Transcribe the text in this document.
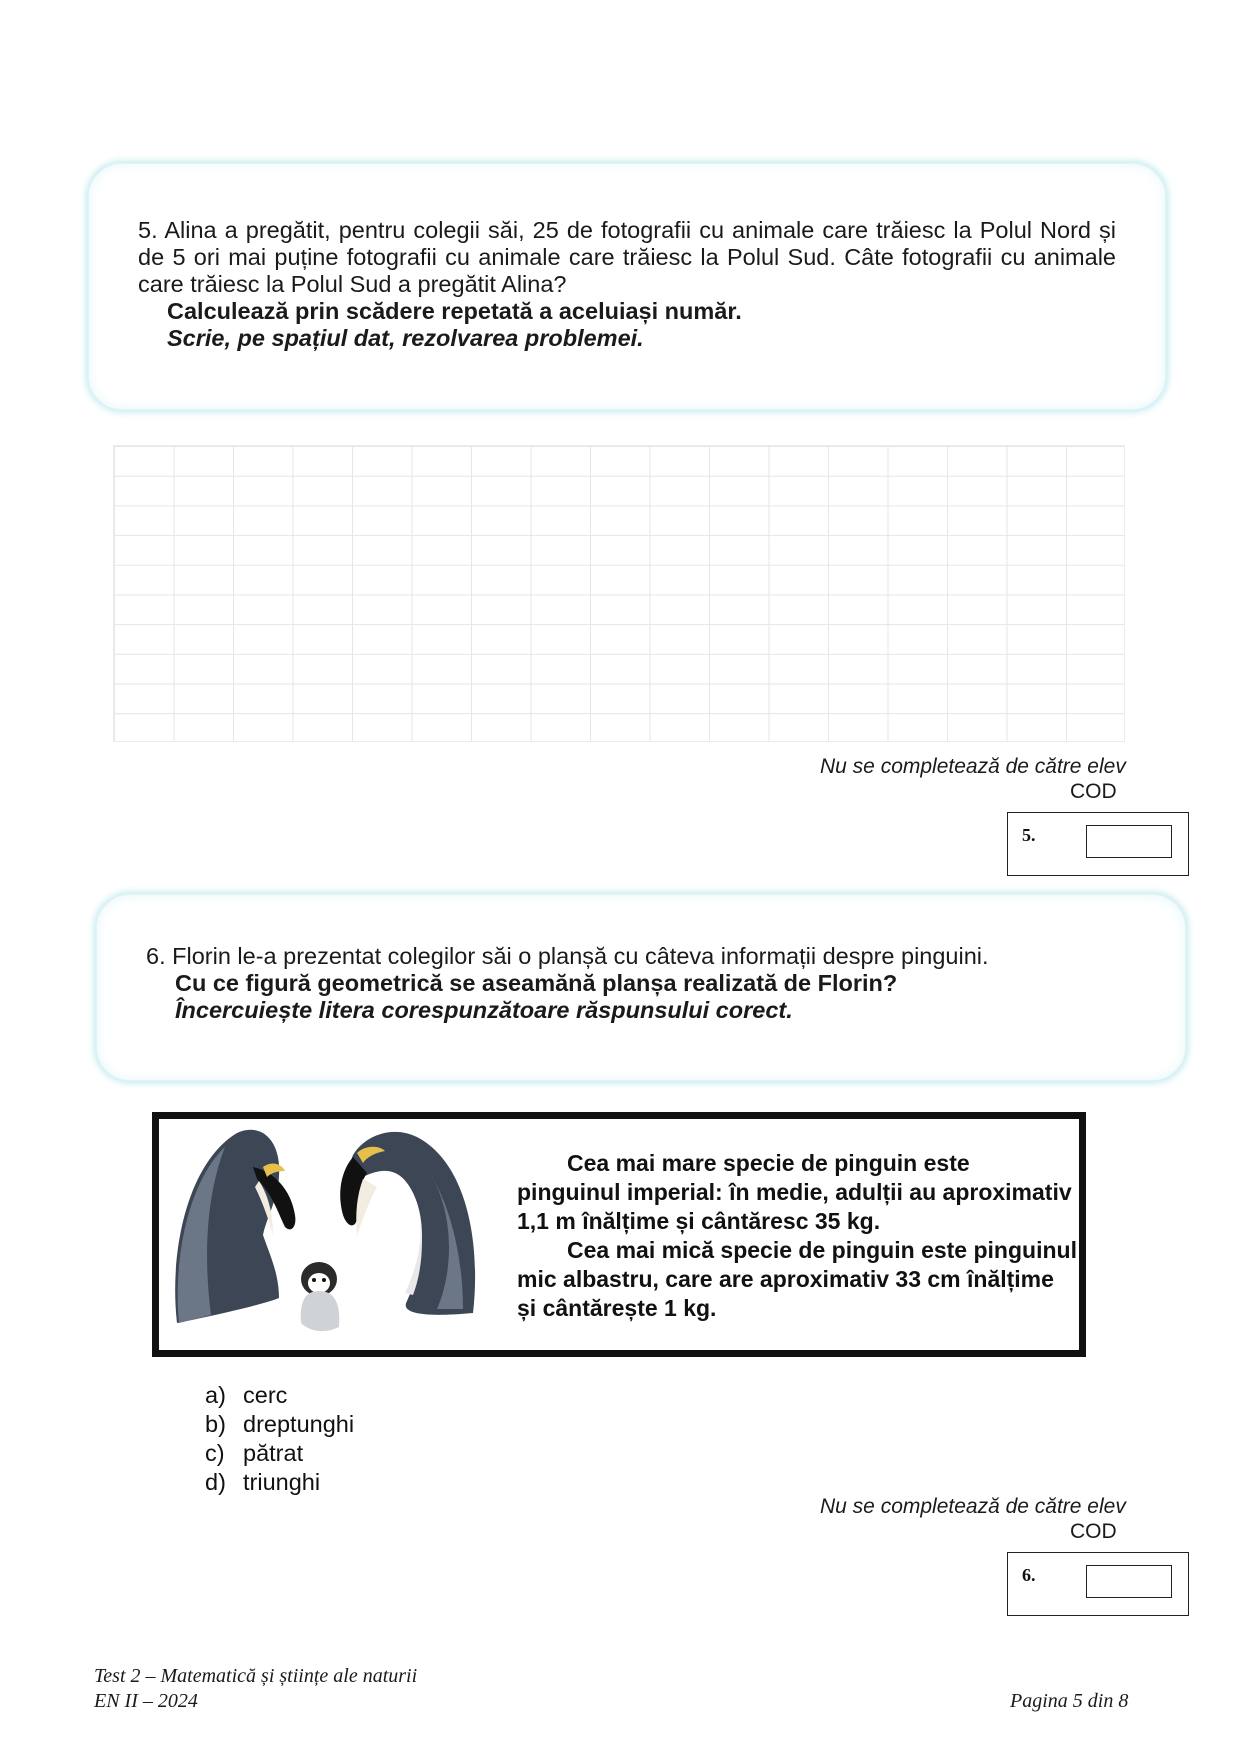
5. Alina a pregătit, pentru colegii săi, 25 de fotografii cu animale care trăiesc la Polul Nord și de 5 ori mai puține fotografii cu animale care trăiesc la Polul Sud. Câte fotografii cu animale care trăiesc la Polul Sud a pregătit Alina?

Calculează prin scădere repetată a aceluiași număr.

Scrie, pe spațiul dat, rezolvarea problemei.

Nu se completează de către elev
COD
5.

6. Florin le-a prezentat colegilor săi o planșă cu câteva informații despre pinguini.

Cu ce figură geometrică se aseamănă planșa realizată de Florin?

Încercuiește litera corespunzătoare răspunsului corect.

Cea mai mare specie de pinguin este pinguinul imperial: în medie, adulții au aproximativ 1,1 m înălțime și cântăresc 35 kg.

Cea mai mică specie de pinguin este pinguinul mic albastru, care are aproximativ 33 cm înălțime și cântărește 1 kg.

a) cerc
b) dreptunghi
c) pătrat
d) triunghi
Nu se completează de către elev
COD
6.
Test 2 – Matematică și științe ale naturii
EN II – 2024	Pagina 5 din 8
